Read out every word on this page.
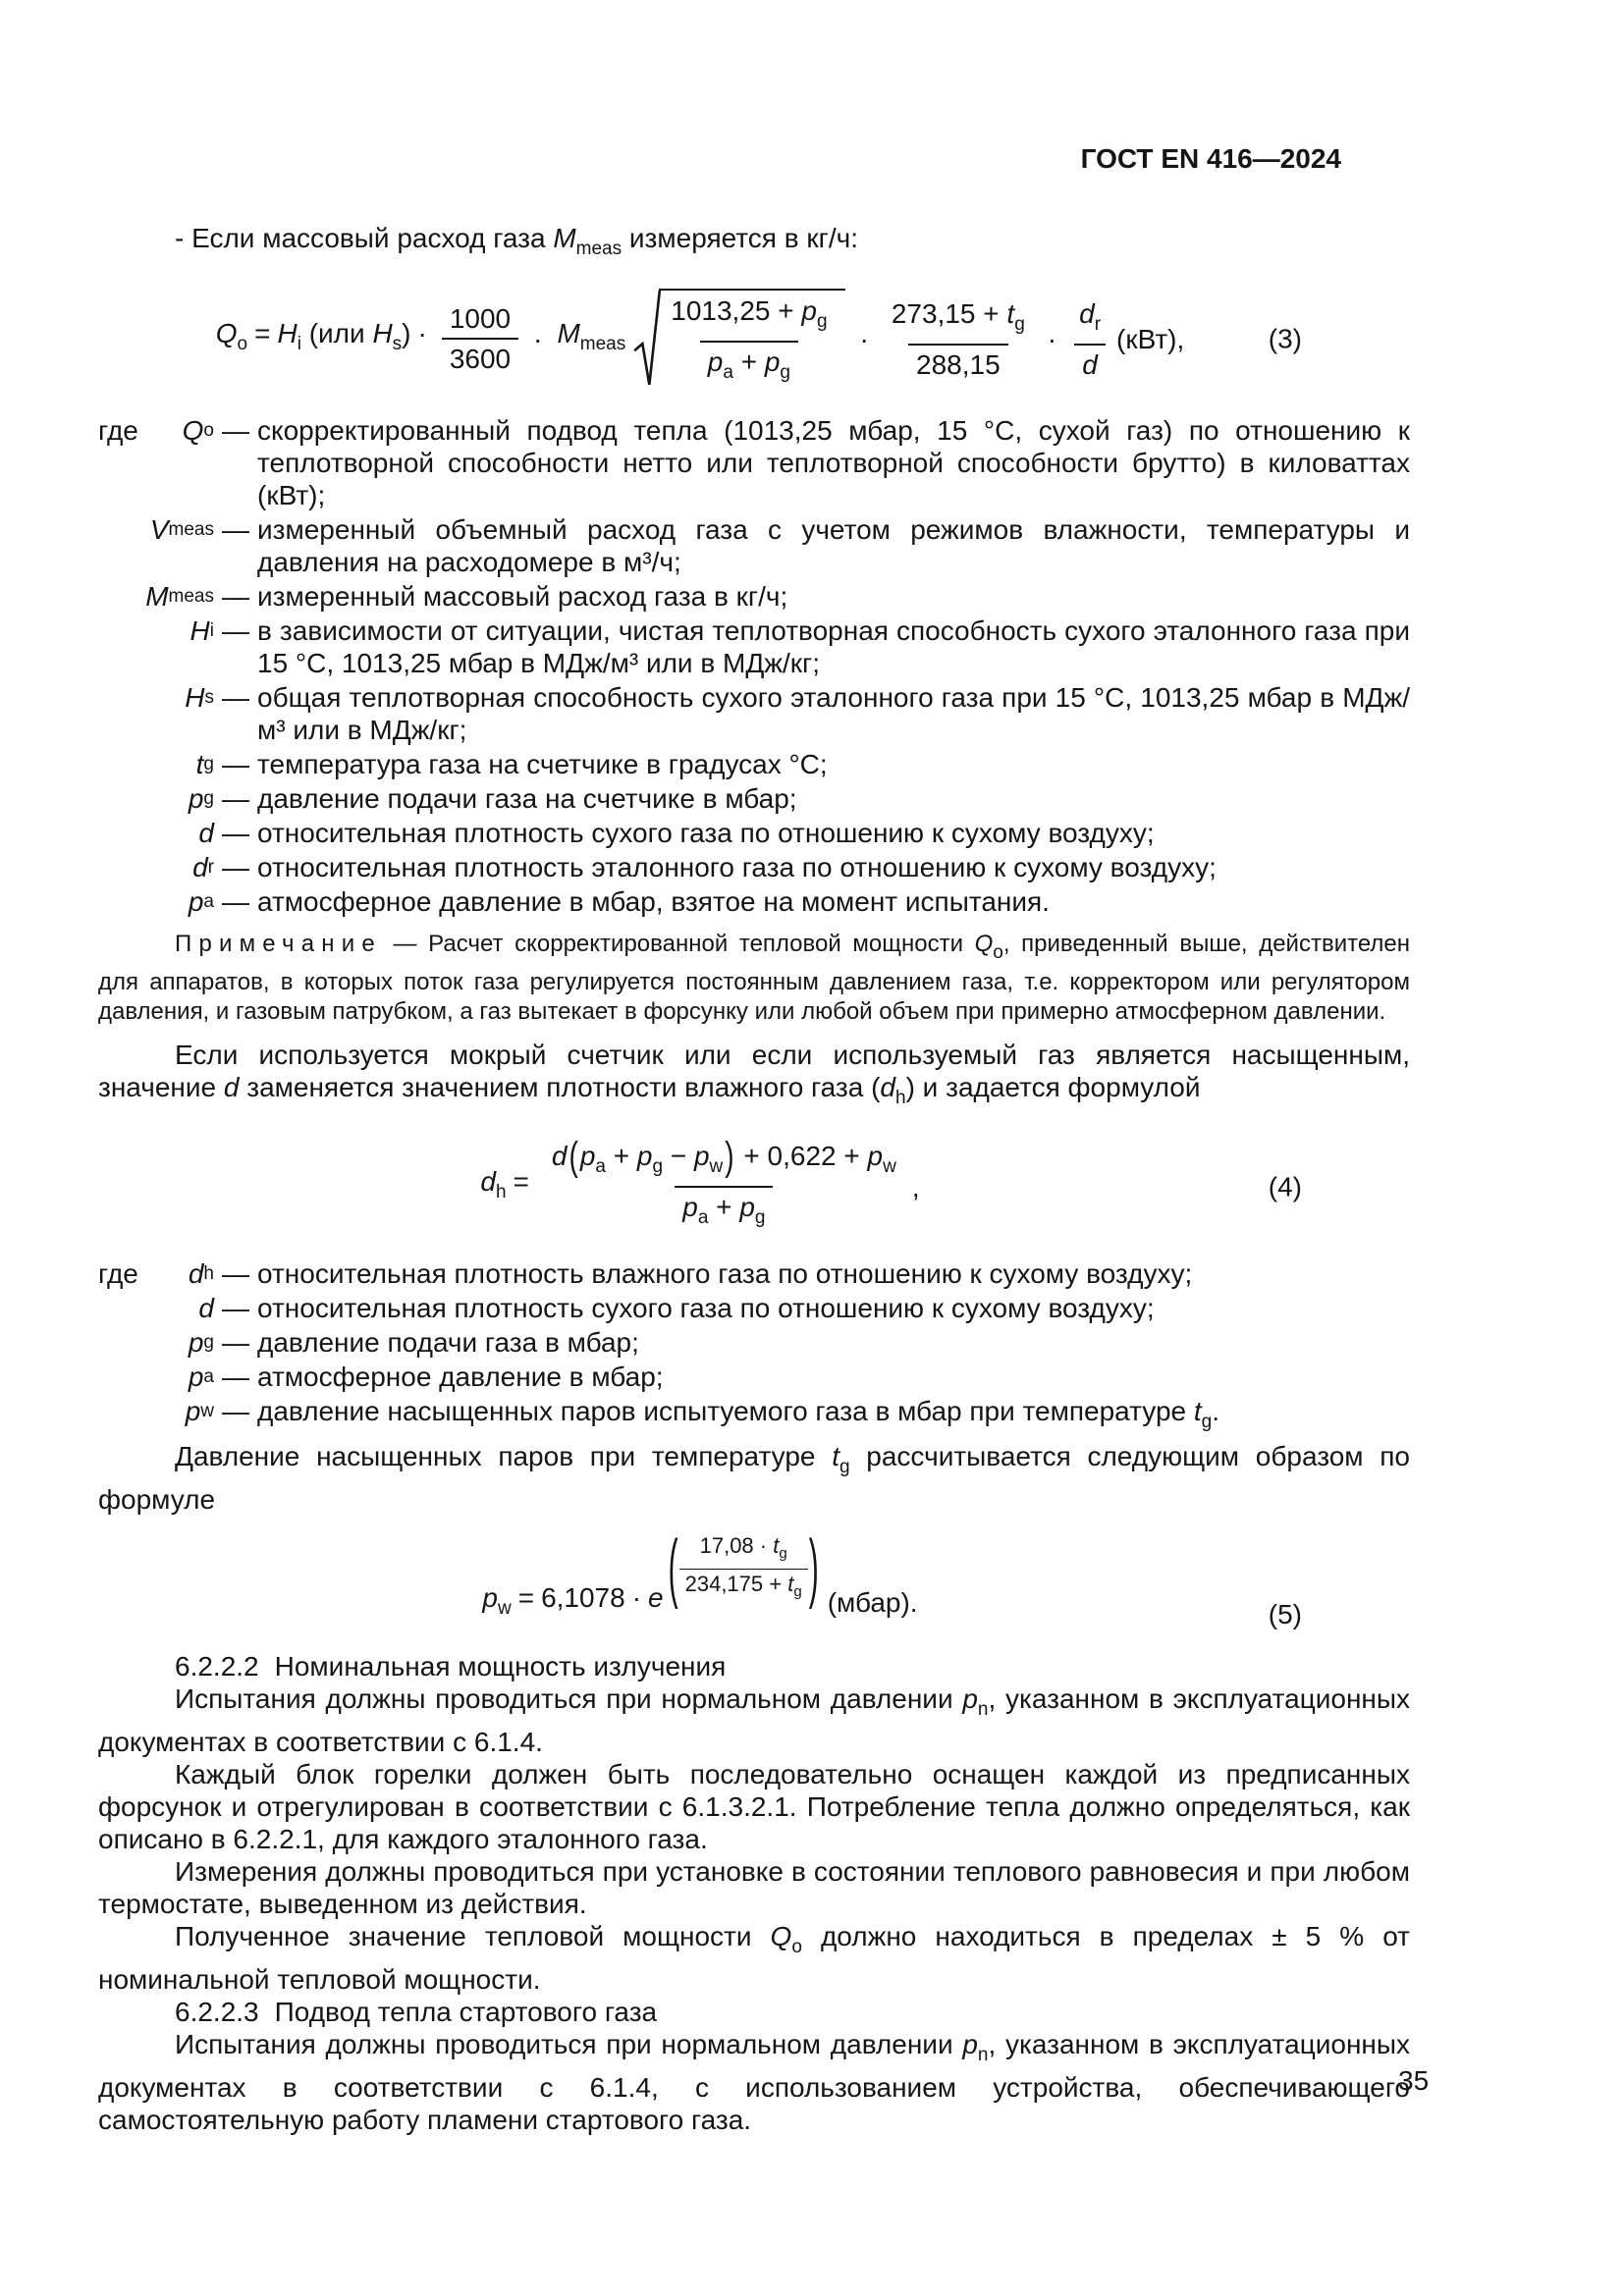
ГОСТ EN 416—2024

- Если массовый расход газа $M_{meas}$ измеряется в кг/ч:

$Q_о = H_i$ (или $H_s) \cdot \frac{1000}{3600} \cdot M_{meas} \frac{1013,25 + p_g}{p_a + p_g} \cdot \frac{273,15 + t_g}{288,15} \cdot \frac{d_r}{d} (кВт)$,	(3)
где Q о — скорректированный подвод тепла (1013,25 мбар, 15 °С, сухой газ) по отношению к теплотворной способности нетто или теплотворной способности брутто) в киловаттах (кВт);
V meas — измеренный объемный расход газа с учетом режимов влажности, температуры и давления на расходомере в м³/ч;
M meas — измеренный массовый расход газа в кг/ч;
H i — в зависимости от ситуации, чистая теплотворная способность сухого эталонного газа при 15 °С, 1013,25 мбар в МДж/м³ или в МДж/кг;
H s — общая теплотворная способность сухого эталонного газа при 15 °С, 1013,25 мбар в МДж/м³ или в МДж/кг;
t g — температура газа на счетчике в градусах °С;
p g — давление подачи газа на счетчике в мбар;
d — относительная плотность сухого газа по отношению к сухому воздуху;
d r — относительная плотность эталонного газа по отношению к сухому воздуху;
p a — атмосферное давление в мбар, взятое на момент испытания.
Примечание — Расчет скорректированной тепловой мощности $Q_о$, приведенный выше, действителен для аппаратов, в которых поток газа регулируется постоянным давлением газа, т.е. корректором или регулятором давления, и газовым патрубком, а газ вытекает в форсунку или любой объем при примерно атмосферном давлении.

Если используется мокрый счетчик или если используемый газ является насыщенным, значение d заменяется значением плотности влажного газа $(d_h)$ и задается формулой

$d_h = \frac{d(p_a + p_g - p_w) + 0,622 + p_w}{p_a + p_g}$ ,	(4)
где d h — относительная плотность влажного газа по отношению к сухому воздуху;
d — относительная плотность сухого газа по отношению к сухому воздуху;
p g — давление подачи газа в мбар;
p a — атмосферное давление в мбар;
p w — давление насыщенных паров испытуемого газа в мбар при температуре $t_g$.

Давление насыщенных паров при температуре $t_g$ рассчитывается следующим образом по формуле

$p_w = 6,1078 \cdot e$ ( $\frac{17,08 \cdot t_g}{234,175 + t_g}$ ) (мбар).	(5)

6.2.2.2 Номинальная мощность излучения

Испытания должны проводиться при нормальном давлении $p_n$, указанном в эксплуатационных документах в соответствии с 6.1.4.

Каждый блок горелки должен быть последовательно оснащен каждой из предписанных форсунок и отрегулирован в соответствии с 6.1.3.2.1. Потребление тепла должно определяться, как описано в 6.2.2.1, для каждого эталонного газа.

Измерения должны проводиться при установке в состоянии теплового равновесия и при любом термостате, выведенном из действия.

Полученное значение тепловой мощности $Q_о$ должно находиться в пределах ± 5 % от номинальной тепловой мощности.

6.2.2.3 Подвод тепла стартового газа

Испытания должны проводиться при нормальном давлении $p_n$, указанном в эксплуатационных документах в соответствии с 6.1.4, с использованием устройства, обеспечивающего самостоятельную работу пламени стартового газа.

35
